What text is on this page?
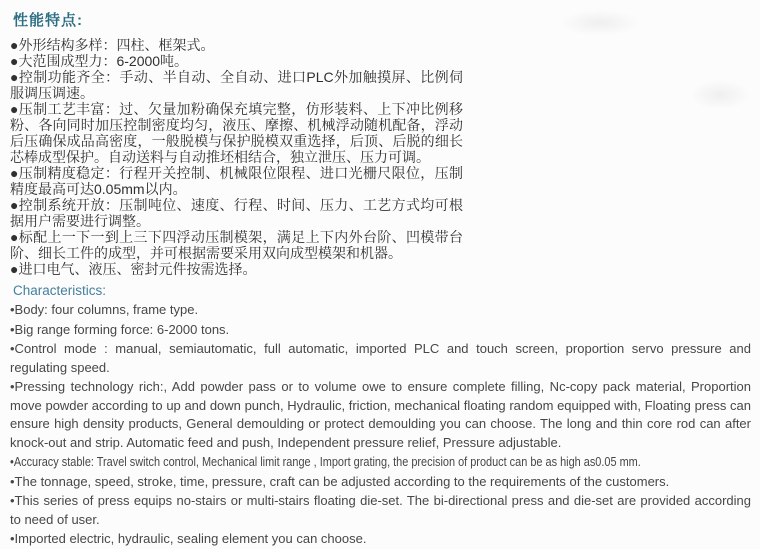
性能特点:

●外形结构多样：四柱、框架式。

●大范围成型力：6-2000吨。

●控制功能齐全：手动、半自动、全自动、进口PLC外加触摸屏、比例伺服调压调速。

●压制工艺丰富：过、欠量加粉确保充填完整，仿形装料、上下冲比例移粉、各向同时加压控制密度均匀，液压、摩擦、机械浮动随机配备，浮动后压确保成品高密度，一般脱模与保护脱模双重选择，后顶、后脱的细长芯棒成型保护。自动送料与自动推坯相结合，独立泄压、压力可调。

●压制精度稳定：行程开关控制、机械限位限程、进口光栅尺限位，压制精度最高可达0.05mm以内。

●控制系统开放：压制吨位、速度、行程、时间、压力、工艺方式均可根据用户需要进行调整。

●标配上一下一到上三下四浮动压制模架，满足上下内外台阶、凹模带台阶、细长工件的成型，并可根据需要采用双向成型模架和机器。

●进口电气、液压、密封元件按需选择。

Characteristics:

•Body: four columns, frame type.

•Big range forming force: 6-2000 tons.

•Control mode : manual, semiautomatic, full automatic, imported PLC and touch screen, proportion servo pressure and regulating speed.

•Pressing technology rich:, Add powder pass or to volume owe to ensure complete filling, Nc-copy pack material, Proportion move powder according to up and down punch, Hydraulic, friction, mechanical floating random equipped with, Floating press can ensure high density products, General demoulding or protect demoulding you can choose. The long and thin core rod can after knock-out and strip. Automatic feed and push, Independent pressure relief, Pressure adjustable.

•Accuracy stable: Travel switch control, Mechanical limit range , Import grating, the precision of product can be as high as0.05 mm.

•The tonnage, speed, stroke, time, pressure, craft can be adjusted according to the requirements of the customers.

•This series of press equips no-stairs or multi-stairs floating die-set. The bi-directional press and die-set are provided according to need of user.

•Imported electric, hydraulic, sealing element you can choose.
